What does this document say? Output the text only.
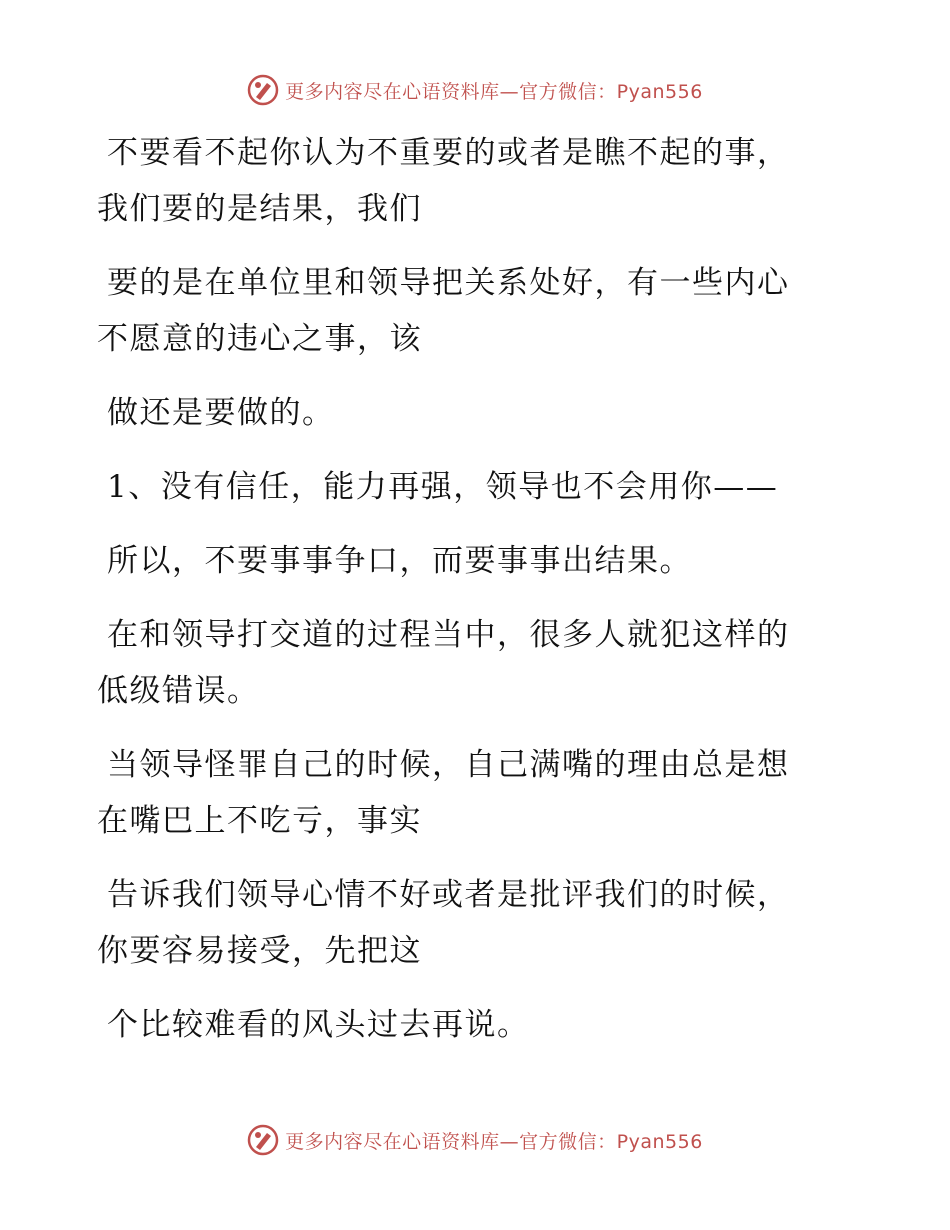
更多内容尽在心语资料库—官方微信：Pyan556
不要看不起你认为不重要的或者是瞧不起的事，
我们要的是结果，我们
要的是在单位里和领导把关系处好，有一些内心
不愿意的违心之事，该
做还是要做的。
1、没有信任，能力再强，领导也不会用你——
所以，不要事事争口，而要事事出结果。
在和领导打交道的过程当中，很多人就犯这样的
低级错误。
当领导怪罪自己的时候，自己满嘴的理由总是想
在嘴巴上不吃亏，事实
告诉我们领导心情不好或者是批评我们的时候，
你要容易接受，先把这
个比较难看的风头过去再说。
更多内容尽在心语资料库—官方微信：Pyan556
